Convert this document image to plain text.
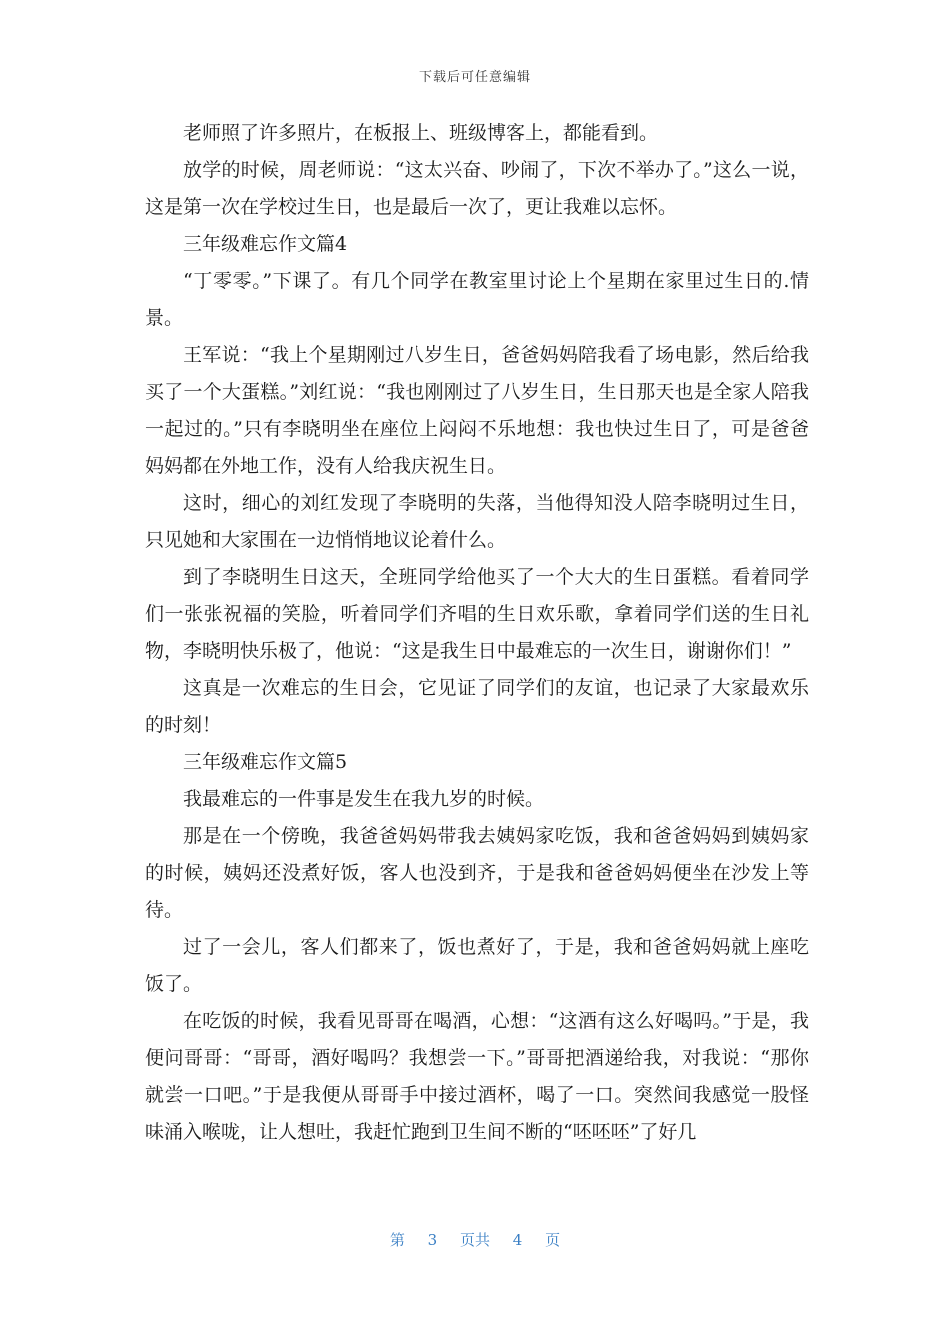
下载后可任意编辑

老师照了许多照片，在板报上、班级博客上，都能看到。

放学的时候，周老师说：“这太兴奋、吵闹了，下次不举办了。”这么一说，这是第一次在学校过生日，也是最后一次了，更让我难以忘怀。

三年级难忘作文篇4

“丁零零。”下课了。有几个同学在教室里讨论上个星期在家里过生日的.情景。

王军说：“我上个星期刚过八岁生日，爸爸妈妈陪我看了场电影，然后给我买了一个大蛋糕。”刘红说：“我也刚刚过了八岁生日，生日那天也是全家人陪我一起过的。”只有李晓明坐在座位上闷闷不乐地想：我也快过生日了，可是爸爸妈妈都在外地工作，没有人给我庆祝生日。

这时，细心的刘红发现了李晓明的失落，当他得知没人陪李晓明过生日，只见她和大家围在一边悄悄地议论着什么。

到了李晓明生日这天，全班同学给他买了一个大大的生日蛋糕。看着同学们一张张祝福的笑脸，听着同学们齐唱的生日欢乐歌，拿着同学们送的生日礼物，李晓明快乐极了，他说：“这是我生日中最难忘的一次生日，谢谢你们！”

这真是一次难忘的生日会，它见证了同学们的友谊，也记录了大家最欢乐的时刻！

三年级难忘作文篇5

我最难忘的一件事是发生在我九岁的时候。

那是在一个傍晚，我爸爸妈妈带我去姨妈家吃饭，我和爸爸妈妈到姨妈家的时候，姨妈还没煮好饭，客人也没到齐，于是我和爸爸妈妈便坐在沙发上等待。

过了一会儿，客人们都来了，饭也煮好了，于是，我和爸爸妈妈就上座吃饭了。

在吃饭的时候，我看见哥哥在喝酒，心想：“这酒有这么好喝吗。”于是，我便问哥哥：“哥哥，酒好喝吗？我想尝一下。”哥哥把酒递给我，对我说：“那你就尝一口吧。”于是我便从哥哥手中接过酒杯，喝了一口。突然间我感觉一股怪味涌入喉咙，让人想吐，我赶忙跑到卫生间不断的“呸呸呸”了好几

第 3 页共 4 页
